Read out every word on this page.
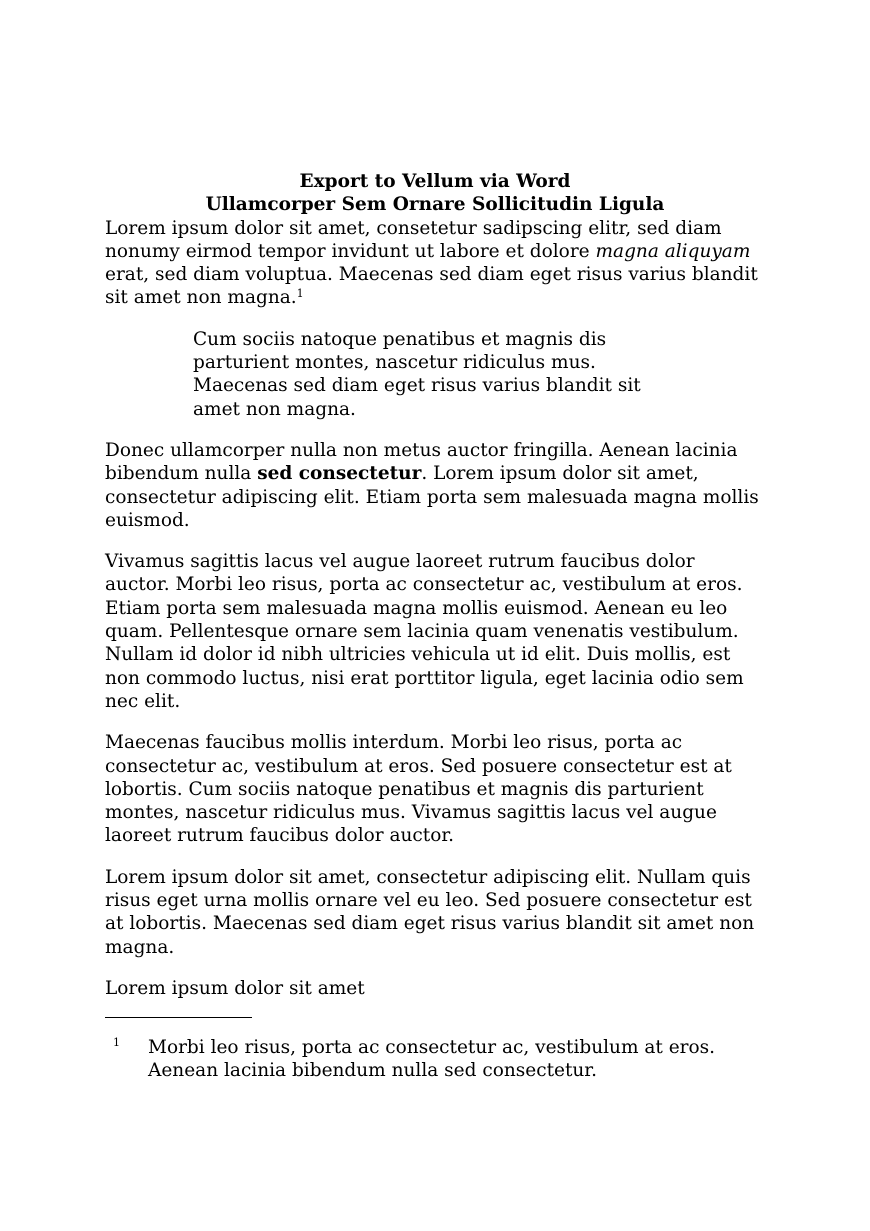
Export to Vellum via Word
Ullamcorper Sem Ornare Sollicitudin Ligula

Lorem ipsum dolor sit amet, consetetur sadipscing elitr, sed diam nonumy eirmod tempor invidunt ut labore et dolore magna aliquyam erat, sed diam voluptua. Maecenas sed diam eget risus varius blandit sit amet non magna.$^1$

Cum sociis natoque penatibus et magnis dis parturient montes, nascetur ridiculus mus. Maecenas sed diam eget risus varius blandit sit amet non magna.

Donec ullamcorper nulla non metus auctor fringilla. Aenean lacinia bibendum nulla sed consectetur. Lorem ipsum dolor sit amet, consectetur adipiscing elit. Etiam porta sem malesuada magna mollis euismod.

Vivamus sagittis lacus vel augue laoreet rutrum faucibus dolor auctor. Morbi leo risus, porta ac consectetur ac, vestibulum at eros. Etiam porta sem malesuada magna mollis euismod. Aenean eu leo quam. Pellentesque ornare sem lacinia quam venenatis vestibulum. Nullam id dolor id nibh ultricies vehicula ut id elit. Duis mollis, est non commodo luctus, nisi erat porttitor ligula, eget lacinia odio sem nec elit.

Maecenas faucibus mollis interdum. Morbi leo risus, porta ac consectetur ac, vestibulum at eros. Sed posuere consectetur est at lobortis. Cum sociis natoque penatibus et magnis dis parturient montes, nascetur ridiculus mus. Vivamus sagittis lacus vel augue laoreet rutrum faucibus dolor auctor.

Lorem ipsum dolor sit amet, consectetur adipiscing elit. Nullam quis risus eget urna mollis ornare vel eu leo. Sed posuere consectetur est at lobortis. Maecenas sed diam eget risus varius blandit sit amet non magna.

Lorem ipsum dolor sit amet

1 Morbi leo risus, porta ac consectetur ac, vestibulum at eros. Aenean lacinia bibendum nulla sed consectetur.
